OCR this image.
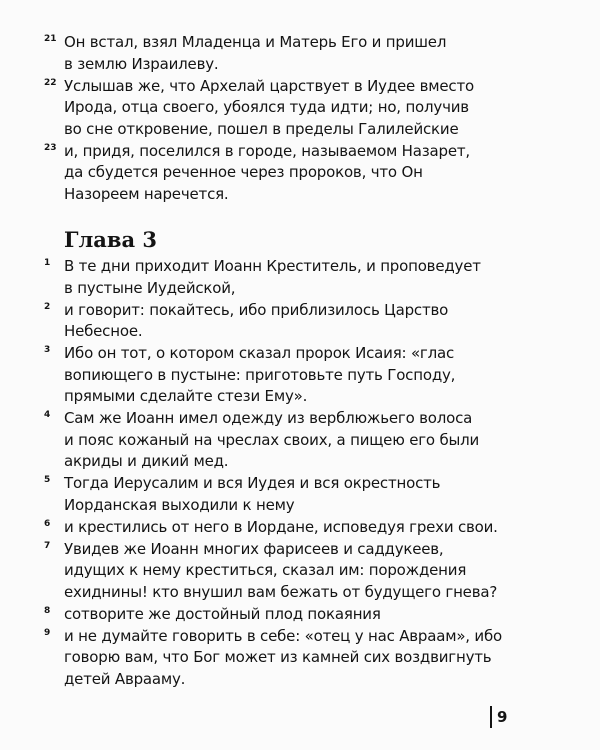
21 Он встал, взял Младенца и Матерь Его и пришел
в землю Израилеву.
22 Услышав же, что Архелай царствует в Иудее вместо
Ирода, отца своего, убоялся туда идти; но, получив
во сне откровение, пошел в пределы Галилейские
23 и, придя, поселился в городе, называемом Назарет,
да сбудется реченное через пророков, что Он
Назореем наречется.
Глава 3
1 В те дни приходит Иоанн Креститель, и проповедует
в пустыне Иудейской,
2 и говорит: покайтесь, ибо приблизилось Царство
Небесное.
3 Ибо он тот, о котором сказал пророк Исаия: «глас
вопиющего в пустыне: приготовьте путь Господу,
прямыми сделайте стези Ему».
4 Сам же Иоанн имел одежду из верблюжьего волоса
и пояс кожаный на чреслах своих, а пищею его были
акриды и дикий мед.
5 Тогда Иерусалим и вся Иудея и вся окрестность
Иорданская выходили к нему
6 и крестились от него в Иордане, исповедуя грехи свои.
7 Увидев же Иоанн многих фарисеев и саддукеев,
идущих к нему креститься, сказал им: порождения
ехиднины! кто внушил вам бежать от будущего гнева?
8 сотворите же достойный плод покаяния
9 и не думайте говорить в себе: «отец у нас Авраам», ибо
говорю вам, что Бог может из камней сих воздвигнуть
детей Аврааму.
9
